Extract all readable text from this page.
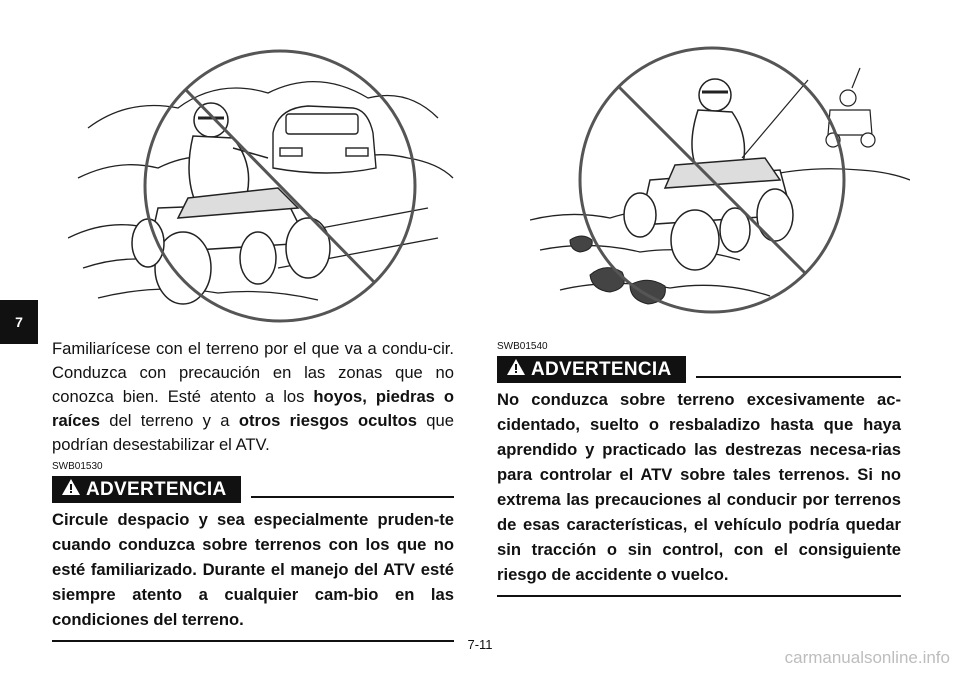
7

Familiarícese con el terreno por el que va a condu-cir. Conduzca con precaución en las zonas que no conozca bien. Esté atento a los hoyos, piedras o raíces del terreno y a otros riesgos ocultos que podrían desestabilizar el ATV.

SWB01530

ADVERTENCIA

Circule despacio y sea especialmente pruden-te cuando conduzca sobre terrenos con los que no esté familiarizado. Durante el manejo del ATV esté siempre atento a cualquier cam-bio en las condiciones del terreno.

SWB01540

ADVERTENCIA

No conduzca sobre terreno excesivamente ac-cidentado, suelto o resbaladizo hasta que haya aprendido y practicado las destrezas necesa-rias para controlar el ATV sobre tales terrenos. Si no extrema las precauciones al conducir por terrenos de esas características, el vehículo podría quedar sin tracción o sin control, con el consiguiente riesgo de accidente o vuelco.

7-11
carmanualsonline.info
